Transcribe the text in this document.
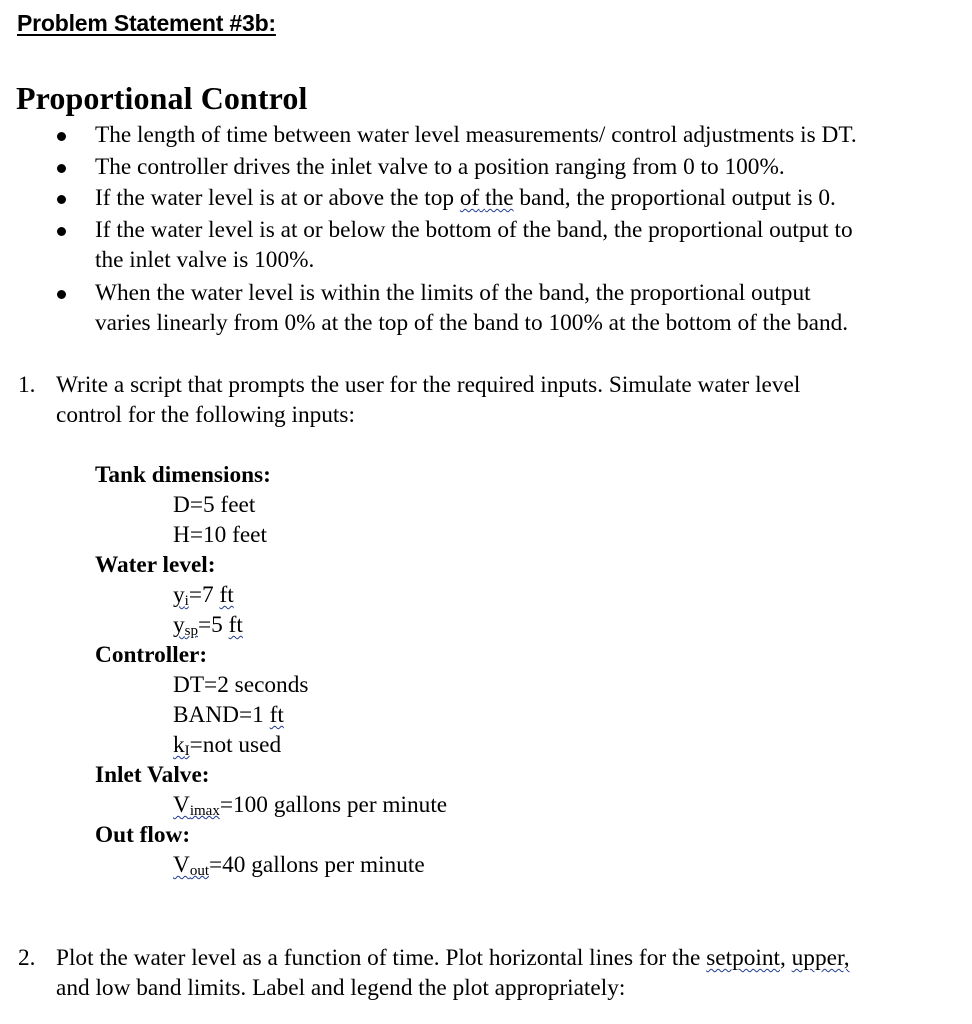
Problem Statement #3b:
Proportional Control
The length of time between water level measurements/ control adjustments is DT.
The controller drives the inlet valve to a position ranging from 0 to 100%.
If the water level is at or above the top of the band, the proportional output is 0.
If the water level is at or below the bottom of the band, the proportional output to
the inlet valve is 100%.
When the water level is within the limits of the band, the proportional output
varies linearly from 0% at the top of the band to 100% at the bottom of the band.
1. Write a script that prompts the user for the required inputs. Simulate water level
control for the following inputs:
Tank dimensions:
D=5 feet
H=10 feet
Water level:
$y_i=7$ ft
$y_{sp}=5$ ft
Controller:
DT=2 seconds
BAND=1 ft
$k_I=not$ used
Inlet Valve:
$V_{imax}=100$ gallons per minute
Out flow:
$V_{out}=40$ gallons per minute
2. Plot the water level as a function of time. Plot horizontal lines for the setpoint, upper,
and low band limits. Label and legend the plot appropriately:
